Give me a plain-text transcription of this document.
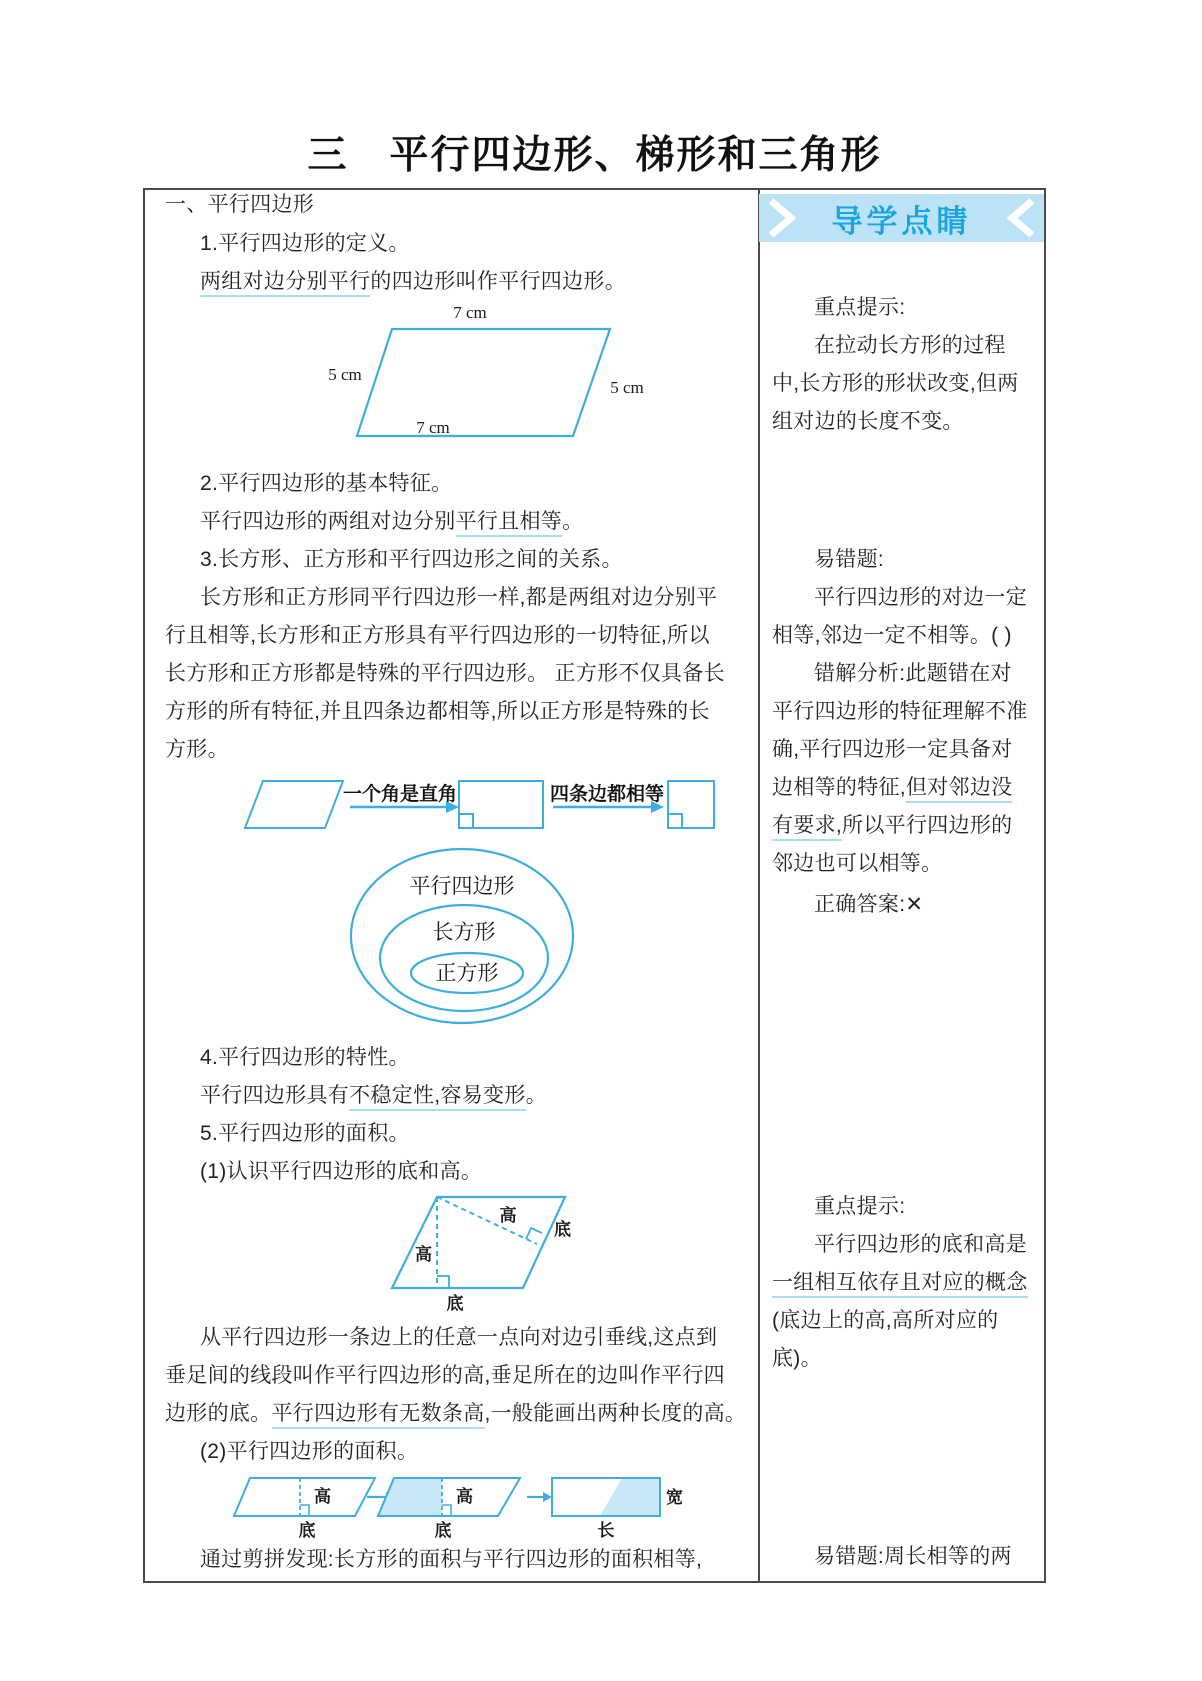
三　平行四边形、梯形和三角形
一、平行四边形
1.平行四边形的定义。
两组对边分别平行的四边形叫作平行四边形。
2.平行四边形的基本特征。
平行四边形的两组对边分别平行且相等。
3.长方形、正方形和平行四边形之间的关系。
长方形和正方形同平行四边形一样,都是两组对边分别平
行且相等,长方形和正方形具有平行四边形的一切特征,所以
长方形和正方形都是特殊的平行四边形。 正方形不仅具备长
方形的所有特征,并且四条边都相等,所以正方形是特殊的长
方形。
4.平行四边形的特性。
平行四边形具有不稳定性,容易变形。
5.平行四边形的面积。
(1)认识平行四边形的底和高。
从平行四边形一条边上的任意一点向对边引垂线,这点到
垂足间的线段叫作平行四边形的高,垂足所在的边叫作平行四
边形的底。平行四边形有无数条高,一般能画出两种长度的高。
(2)平行四边形的面积。
通过剪拼发现:长方形的面积与平行四边形的面积相等,
7 cm
5 cm
5 cm
7 cm
一个角是直角	四条边都相等
平行四边形
长方形
正方形
高
底
高
底
高
底
高
底
宽
长
导学点睛
重点提示:
在拉动长方形的过程
中,长方形的形状改变,但两
组对边的长度不变。
易错题:
平行四边形的对边一定
相等,邻边一定不相等。( )
错解分析:此题错在对
平行四边形的特征理解不准
确,平行四边形一定具备对
边相等的特征,但对邻边没
有要求,所以平行四边形的
邻边也可以相等。
正确答案:✕
重点提示:
平行四边形的底和高是
一组相互依存且对应的概念
(底边上的高,高所对应的
底)。
易错题:周长相等的两
